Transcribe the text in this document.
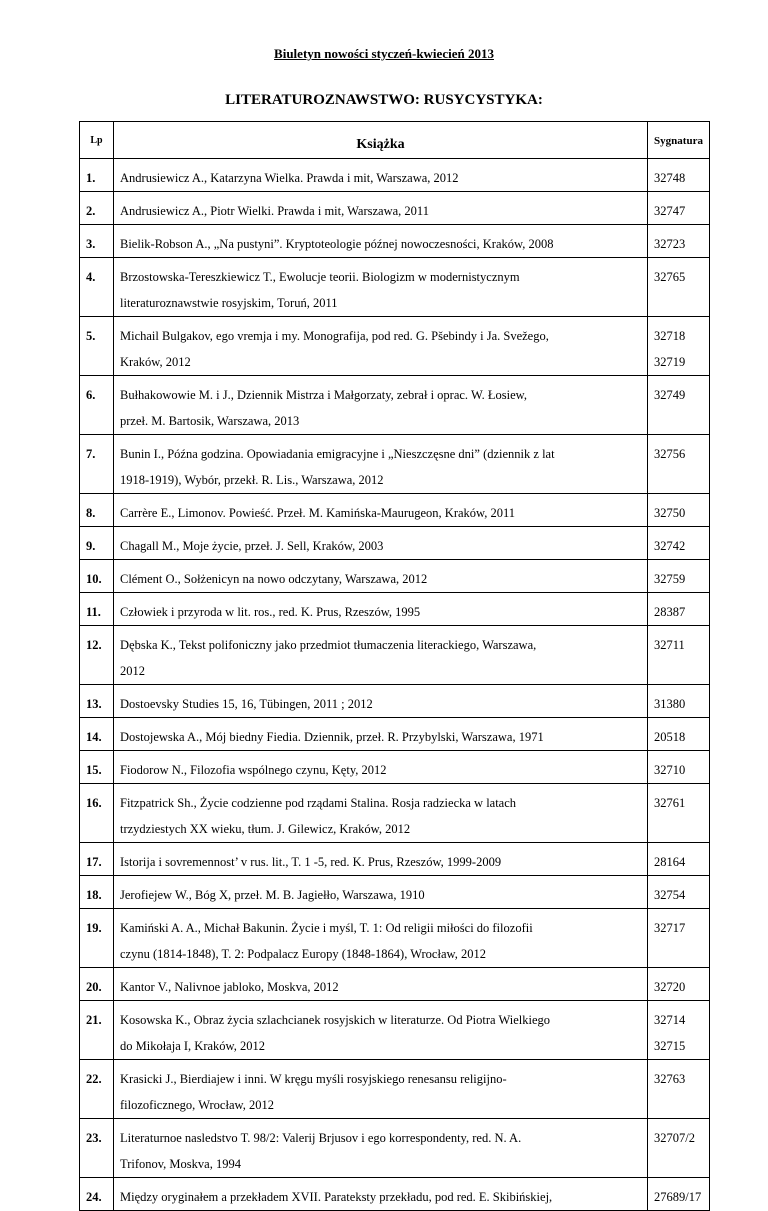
Biuletyn nowości styczeń-kwiecień 2013
LITERATUROZNAWSTWO: RUSYCYSTYKA:
Lp	Książka	Sygnatura
1.	Andrusiewicz A., Katarzyna Wielka. Prawda i mit, Warszawa, 2012	32748

2.	Andrusiewicz A., Piotr Wielki. Prawda i mit, Warszawa, 2011	32747

3.	Bielik-Robson A., „Na pustyni”. Kryptoteologie późnej nowoczesności, Kraków, 2008	32723

4.	Brzostowska-Tereszkiewicz T., Ewolucje teorii. Biologizm w modernistycznym
literaturoznawstwie rosyjskim, Toruń, 2011	32765

5.	Michail Bulgakov, ego vremja i my. Monografija, pod red. G. Pšebindy i Ja. Svežego,
Kraków, 2012	32718
32719

6.	Bułhakowowie M. i J., Dziennik Mistrza i Małgorzaty, zebrał i oprac. W. Łosiew,
przeł. M. Bartosik, Warszawa, 2013	32749

7.	Bunin I., Późna godzina. Opowiadania emigracyjne i „Nieszczęsne dni” (dziennik z lat
1918-1919), Wybór, przekł. R. Lis., Warszawa, 2012	32756

8.	Carrère E., Limonov. Powieść. Przeł. M. Kamińska-Maurugeon, Kraków, 2011	32750

9.	Chagall M., Moje życie, przeł. J. Sell, Kraków, 2003	32742

10.	Clément O., Sołżenicyn na nowo odczytany, Warszawa, 2012	32759

11.	Człowiek i przyroda w lit. ros., red. K. Prus, Rzeszów, 1995	28387

12.	Dębska K., Tekst polifoniczny jako przedmiot tłumaczenia literackiego, Warszawa,
2012	32711

13.	Dostoevsky Studies 15, 16, Tübingen, 2011 ; 2012	31380

14.	Dostojewska A., Mój biedny Fiedia. Dziennik, przeł. R. Przybylski, Warszawa, 1971	20518

15.	Fiodorow N., Filozofia wspólnego czynu, Kęty, 2012	32710

16.	Fitzpatrick Sh., Życie codzienne pod rządami Stalina. Rosja radziecka w latach
trzydziestych XX wieku, tłum. J. Gilewicz, Kraków, 2012	32761

17.	Istorija i sovremennost’ v rus. lit., T. 1 -5, red. K. Prus, Rzeszów, 1999-2009	28164

18.	Jerofiejew W., Bóg X, przeł. M. B. Jagiełło, Warszawa, 1910	32754

19.	Kamiński A. A., Michał Bakunin. Życie i myśl, T. 1: Od religii miłości do filozofii
czynu (1814-1848), T. 2: Podpalacz Europy (1848-1864), Wrocław, 2012	32717

20.	Kantor V., Nalivnoe jabloko, Moskva, 2012	32720

21.	Kosowska K., Obraz życia szlachcianek rosyjskich w literaturze. Od Piotra Wielkiego
do Mikołaja I, Kraków, 2012	32714
32715

22.	Krasicki J., Bierdiajew i inni. W kręgu myśli rosyjskiego renesansu religijno-
filozoficznego, Wrocław, 2012	32763

23.	Literaturnoe nasledstvo T. 98/2: Valerij Brjusov i ego korrespondenty, red. N. A.
Trifonov, Moskva, 1994	32707/2

24.	Między oryginałem a przekładem XVII. Parateksty przekładu, pod red. E. Skibińskiej,	27689/17
